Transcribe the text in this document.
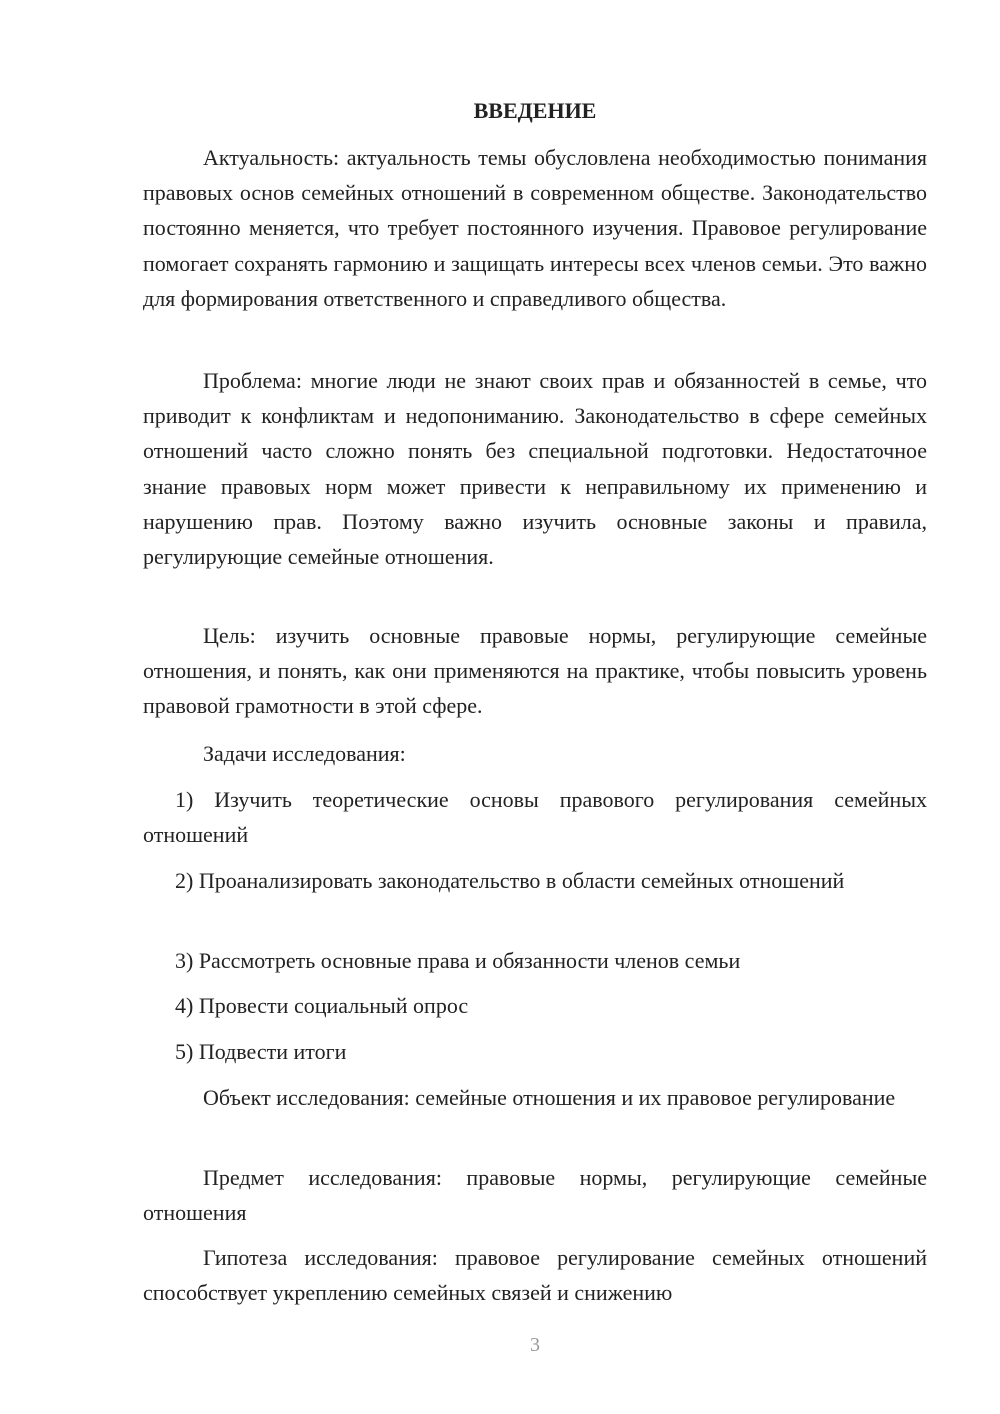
ВВЕДЕНИЕ

Актуальность: актуальность темы обусловлена необходимостью понимания правовых основ семейных отношений в современном обществе. Законодательство постоянно меняется, что требует постоянного изучения. Правовое регулирование помогает сохранять гармонию и защищать интересы всех членов семьи. Это важно для формирования ответственного и справедливого общества.

Проблема: многие люди не знают своих прав и обязанностей в семье, что приводит к конфликтам и недопониманию. Законодательство в сфере семейных отношений часто сложно понять без специальной подготовки. Недостаточное знание правовых норм может привести к неправильному их применению и нарушению прав. Поэтому важно изучить основные законы и правила, регулирующие семейные отношения.

Цель: изучить основные правовые нормы, регулирующие семейные отношения, и понять, как они применяются на практике, чтобы повысить уровень правовой грамотности в этой сфере.

Задачи исследования:

1) Изучить теоретические основы правового регулирования семейных отношений

2) Проанализировать законодательство в области семейных отношений

3) Рассмотреть основные права и обязанности членов семьи

4) Провести социальный опрос

5) Подвести итоги

Объект исследования: семейные отношения и их правовое регулирование

Предмет исследования: правовые нормы, регулирующие семейные отношения

Гипотеза исследования: правовое регулирование семейных отношений способствует укреплению семейных связей и снижению

3
